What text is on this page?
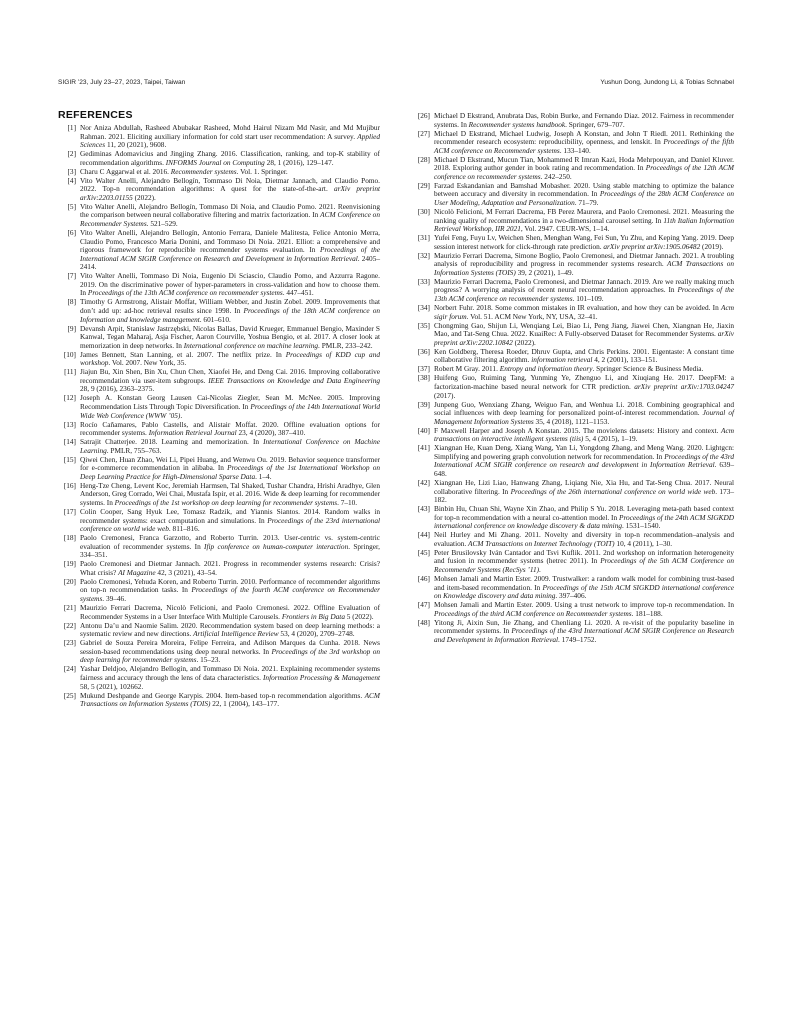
SIGIR ’23, July 23–27, 2023, Taipei, Taiwan	Yushun Dong, Jundong Li, & Tobias Schnabel
REFERENCES
[1] Nor Aniza Abdullah, Rasheed Abubakar Rasheed, Mohd Hairul Nizam Md Nasir, and Md Mujibur Rahman. 2021. Eliciting auxiliary information for cold start user recommendation: A survey. Applied Sciences 11, 20 (2021), 9608.
[2] Gediminas Adomavicius and Jingjing Zhang. 2016. Classification, ranking, and top-K stability of recommendation algorithms. INFORMS Journal on Computing 28, 1 (2016), 129–147.
[3] Charu C Aggarwal et al. 2016. Recommender systems. Vol. 1. Springer.
[4] Vito Walter Anelli, Alejandro Bellogín, Tommaso Di Noia, Dietmar Jannach, and Claudio Pomo. 2022. Top-n recommendation algorithms: A quest for the state-of-the-art. arXiv preprint arXiv:2203.01155 (2022).
[5] Vito Walter Anelli, Alejandro Bellogín, Tommaso Di Noia, and Claudio Pomo. 2021. Reenvisioning the comparison between neural collaborative filtering and matrix factorization. In ACM Conference on Recommender Systems. 521–529.
[6] Vito Walter Anelli, Alejandro Bellogín, Antonio Ferrara, Daniele Malitesta, Felice Antonio Merra, Claudio Pomo, Francesco Maria Donini, and Tommaso Di Noia. 2021. Elliot: a comprehensive and rigorous framework for reproducible recommender systems evaluation. In Proceedings of the International ACM SIGIR Conference on Research and Development in Information Retrieval. 2405–2414.
[7] Vito Walter Anelli, Tommaso Di Noia, Eugenio Di Sciascio, Claudio Pomo, and Azzurra Ragone. 2019. On the discriminative power of hyper-parameters in cross-validation and how to choose them. In Proceedings of the 13th ACM conference on recommender systems. 447–451.
[8] Timothy G Armstrong, Alistair Moffat, William Webber, and Justin Zobel. 2009. Improvements that don’t add up: ad-hoc retrieval results since 1998. In Proceedings of the 18th ACM conference on Information and knowledge management. 601–610.
[9] Devansh Arpit, Stanisław Jastrzębski, Nicolas Ballas, David Krueger, Emmanuel Bengio, Maxinder S Kanwal, Tegan Maharaj, Asja Fischer, Aaron Courville, Yoshua Bengio, et al. 2017. A closer look at memorization in deep networks. In International conference on machine learning. PMLR, 233–242.
[10] James Bennett, Stan Lanning, et al. 2007. The netflix prize. In Proceedings of KDD cup and workshop. Vol. 2007. New York, 35.
[11] Jiajun Bu, Xin Shen, Bin Xu, Chun Chen, Xiaofei He, and Deng Cai. 2016. Improving collaborative recommendation via user-item subgroups. IEEE Transactions on Knowledge and Data Engineering 28, 9 (2016), 2363–2375.
[12] Joseph A. Konstan Georg Lausen Cai-Nicolas Ziegler, Sean M. McNee. 2005. Improving Recommendation Lists Through Topic Diversification. In Proceedings of the 14th International World Wide Web Conference (WWW ’05).
[13] Rocío Cañamares, Pablo Castells, and Alistair Moffat. 2020. Offline evaluation options for recommender systems. Information Retrieval Journal 23, 4 (2020), 387–410.
[14] Satrajit Chatterjee. 2018. Learning and memorization. In International Conference on Machine Learning. PMLR, 755–763.
[15] Qiwei Chen, Huan Zhao, Wei Li, Pipei Huang, and Wenwu Ou. 2019. Behavior sequence transformer for e-commerce recommendation in alibaba. In Proceedings of the 1st International Workshop on Deep Learning Practice for High-Dimensional Sparse Data. 1–4.
[16] Heng-Tze Cheng, Levent Koc, Jeremiah Harmsen, Tal Shaked, Tushar Chandra, Hrishi Aradhye, Glen Anderson, Greg Corrado, Wei Chai, Mustafa Ispir, et al. 2016. Wide & deep learning for recommender systems. In Proceedings of the 1st workshop on deep learning for recommender systems. 7–10.
[17] Colin Cooper, Sang Hyuk Lee, Tomasz Radzik, and Yiannis Siantos. 2014. Random walks in recommender systems: exact computation and simulations. In Proceedings of the 23rd international conference on world wide web. 811–816.
[18] Paolo Cremonesi, Franca Garzotto, and Roberto Turrin. 2013. User-centric vs. system-centric evaluation of recommender systems. In Ifip conference on human-computer interaction. Springer, 334–351.
[19] Paolo Cremonesi and Dietmar Jannach. 2021. Progress in recommender systems research: Crisis? What crisis? AI Magazine 42, 3 (2021), 43–54.
[20] Paolo Cremonesi, Yehuda Koren, and Roberto Turrin. 2010. Performance of recommender algorithms on top-n recommendation tasks. In Proceedings of the fourth ACM conference on Recommender systems. 39–46.
[21] Maurizio Ferrari Dacrema, Nicolò Felicioni, and Paolo Cremonesi. 2022. Offline Evaluation of Recommender Systems in a User Interface With Multiple Carousels. Frontiers in Big Data 5 (2022).
[22] Antonu Da’u and Naomie Salim. 2020. Recommendation system based on deep learning methods: a systematic review and new directions. Artificial Intelligence Review 53, 4 (2020), 2709–2748.
[23] Gabriel de Souza Pereira Moreira, Felipe Ferreira, and Adilson Marques da Cunha. 2018. News session-based recommendations using deep neural networks. In Proceedings of the 3rd workshop on deep learning for recommender systems. 15–23.
[24] Yashar Deldjoo, Alejandro Bellogín, and Tommaso Di Noia. 2021. Explaining recommender systems fairness and accuracy through the lens of data characteristics. Information Processing & Management 58, 5 (2021), 102662.
[25] Mukund Deshpande and George Karypis. 2004. Item-based top-n recommendation algorithms. ACM Transactions on Information Systems (TOIS) 22, 1 (2004), 143–177.
[26] Michael D Ekstrand, Anubrata Das, Robin Burke, and Fernando Diaz. 2012. Fairness in recommender systems. In Recommender systems handbook. Springer, 679–707.
[27] Michael D Ekstrand, Michael Ludwig, Joseph A Konstan, and John T Riedl. 2011. Rethinking the recommender research ecosystem: reproducibility, openness, and lenskit. In Proceedings of the fifth ACM conference on Recommender systems. 133–140.
[28] Michael D Ekstrand, Mucun Tian, Mohammed R Imran Kazi, Hoda Mehrpouyan, and Daniel Kluver. 2018. Exploring author gender in book rating and recommendation. In Proceedings of the 12th ACM conference on recommender systems. 242–250.
[29] Farzad Eskandanian and Bamshad Mobasher. 2020. Using stable matching to optimize the balance between accuracy and diversity in recommendation. In Proceedings of the 28th ACM Conference on User Modeling, Adaptation and Personalization. 71–79.
[30] Nicolò Felicioni, M Ferrari Dacrema, FB Perez Maurera, and Paolo Cremonesi. 2021. Measuring the ranking quality of recommendations in a two-dimensional carousel setting. In 11th Italian Information Retrieval Workshop, IIR 2021, Vol. 2947. CEUR-WS, 1–14.
[31] Yufei Feng, Fuyu Lv, Weichen Shen, Menghan Wang, Fei Sun, Yu Zhu, and Keping Yang. 2019. Deep session interest network for click-through rate prediction. arXiv preprint arXiv:1905.06482 (2019).
[32] Maurizio Ferrari Dacrema, Simone Boglio, Paolo Cremonesi, and Dietmar Jannach. 2021. A troubling analysis of reproducibility and progress in recommender systems research. ACM Transactions on Information Systems (TOIS) 39, 2 (2021), 1–49.
[33] Maurizio Ferrari Dacrema, Paolo Cremonesi, and Dietmar Jannach. 2019. Are we really making much progress? A worrying analysis of recent neural recommendation approaches. In Proceedings of the 13th ACM conference on recommender systems. 101–109.
[34] Norbert Fuhr. 2018. Some common mistakes in IR evaluation, and how they can be avoided. In Acm sigir forum. Vol. 51. ACM New York, NY, USA, 32–41.
[35] Chongming Gao, Shijun Li, Wenqiang Lei, Biao Li, Peng Jiang, Jiawei Chen, Xiangnan He, Jiaxin Mao, and Tat-Seng Chua. 2022. KuaiRec: A Fully-observed Dataset for Recommender Systems. arXiv preprint arXiv:2202.10842 (2022).
[36] Ken Goldberg, Theresa Roeder, Dhruv Gupta, and Chris Perkins. 2001. Eigentaste: A constant time collaborative filtering algorithm. information retrieval 4, 2 (2001), 133–151.
[37] Robert M Gray. 2011. Entropy and information theory. Springer Science & Business Media.
[38] Huifeng Guo, Ruiming Tang, Yunming Ye, Zhenguo Li, and Xiuqiang He. 2017. DeepFM: a factorization-machine based neural network for CTR prediction. arXiv preprint arXiv:1703.04247 (2017).
[39] Junpeng Guo, Wenxiang Zhang, Weiguo Fan, and Wenhua Li. 2018. Combining geographical and social influences with deep learning for personalized point-of-interest recommendation. Journal of Management Information Systems 35, 4 (2018), 1121–1153.
[40] F Maxwell Harper and Joseph A Konstan. 2015. The movielens datasets: History and context. Acm transactions on interactive intelligent systems (tiis) 5, 4 (2015), 1–19.
[41] Xiangnan He, Kuan Deng, Xiang Wang, Yan Li, Yongdong Zhang, and Meng Wang. 2020. Lightgcn: Simplifying and powering graph convolution network for recommendation. In Proceedings of the 43rd International ACM SIGIR conference on research and development in Information Retrieval. 639–648.
[42] Xiangnan He, Lizi Liao, Hanwang Zhang, Liqiang Nie, Xia Hu, and Tat-Seng Chua. 2017. Neural collaborative filtering. In Proceedings of the 26th international conference on world wide web. 173–182.
[43] Binbin Hu, Chuan Shi, Wayne Xin Zhao, and Philip S Yu. 2018. Leveraging meta-path based context for top-n recommendation with a neural co-attention model. In Proceedings of the 24th ACM SIGKDD international conference on knowledge discovery & data mining. 1531–1540.
[44] Neil Hurley and Mi Zhang. 2011. Novelty and diversity in top-n recommendation–analysis and evaluation. ACM Transactions on Internet Technology (TOIT) 10, 4 (2011), 1–30.
[45] Peter Brusilovsky Iván Cantador and Tsvi Kuflik. 2011. 2nd workshop on information heterogeneity and fusion in recommender systems (hetrec 2011). In Proceedings of the 5th ACM Conference on Recommender Systems (RecSys ’11).
[46] Mohsen Jamali and Martin Ester. 2009. Trustwalker: a random walk model for combining trust-based and item-based recommendation. In Proceedings of the 15th ACM SIGKDD international conference on Knowledge discovery and data mining. 397–406.
[47] Mohsen Jamali and Martin Ester. 2009. Using a trust network to improve top-n recommendation. In Proceedings of the third ACM conference on Recommender systems. 181–188.
[48] Yitong Ji, Aixin Sun, Jie Zhang, and Chenliang Li. 2020. A re-visit of the popularity baseline in recommender systems. In Proceedings of the 43rd International ACM SIGIR Conference on Research and Development in Information Retrieval. 1749–1752.
